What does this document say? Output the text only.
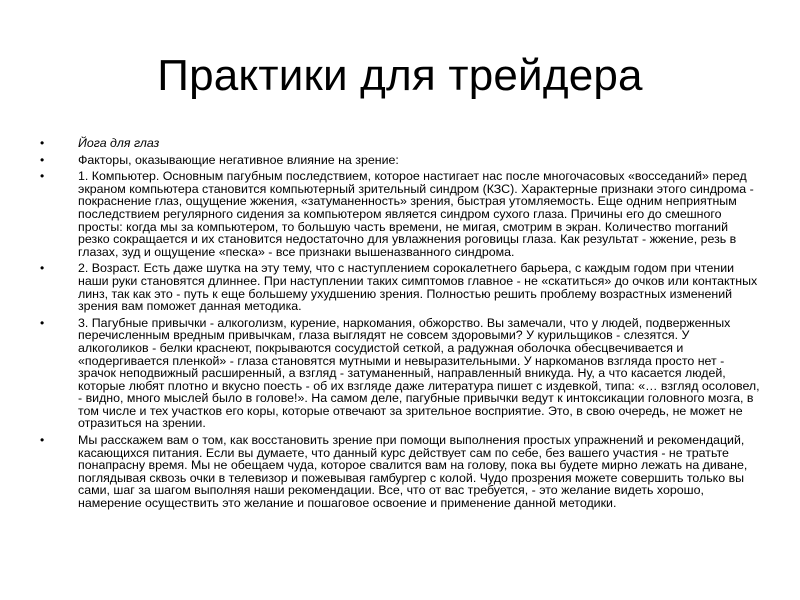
Практики для трейдера
•	Йога для глаз
•	Факторы, оказывающие негативное влияние на зрение:
•	1. Компьютер. Основным пагубным последствием, которое настигает нас после многочасовых «восседаний» перед экраном компьютера становится компьютерный зрительный синдром (КЗС). Характерные признаки этого синдрома - покраснение глаз, ощущение жжения, «затуманенность» зрения, быстрая утомляемость. Еще одним неприятным последствием регулярного сидения за компьютером является синдром сухого глаза. Причины его до смешного просты: когда мы за компьютером, то большую часть времени, не мигая, смотрим в экран. Количество morганий резко сокращается и их становится недостаточно для увлажнения роговицы глаза. Как результат - жжение, резь в глазах, зуд и ощущение «песка» - все признаки вышеназванного синдрома.
•	2. Возраст. Есть даже шутка на эту тему, что с наступлением сорокалетнего барьера, с каждым годом при чтении наши руки становятся длиннее. При наступлении таких симптомов главное - не «скатиться» до очков или контактных линз, так как это - путь к еще большему ухудшению зрения. Полностью решить проблему возрастных изменений зрения вам поможет данная методика.
•	3. Пагубные привычки - алкоголизм, курение, наркомания, обжорство. Вы замечали, что у людей, подверженных перечисленным вредным привычкам, глаза выглядят не совсем здоровыми? У курильщиков - слезятся. У алкоголиков - белки краснеют, покрываются сосудистой сеткой, а радужная оболочка обесцвечивается и «подергивается пленкой» - глаза становятся мутными и невыразительными. У наркоманов взгляда просто нет - зрачок неподвижный расширенный, а взгляд - затуманенный, направленный вникуда. Ну, а что касается людей, которые любят плотно и вкусно поесть - об их взгляде даже литература пишет с издевкой, типа: «… взгляд осоловел, - видно, много мыслей было в голове!». На самом деле, пагубные привычки ведут к интоксикации головного мозга, в том числе и тех участков его коры, которые отвечают за зрительное восприятие. Это, в свою очередь, не может не отразиться на зрении.
•	Мы расскажем вам о том, как восстановить зрение при помощи выполнения простых упражнений и рекомендаций, касающихся питания. Если вы думаете, что данный курс действует сам по себе, без вашего участия - не тратьте понапрасну время. Мы не обещаем чуда, которое свалится вам на голову, пока вы будете мирно лежать на диване, поглядывая сквозь очки в телевизор и пожевывая гамбургер с колой. Чудо прозрения можете совершить только вы сами, шаг за шагом выполняя наши рекомендации. Все, что от вас требуется, - это желание видеть хорошо, намерение осуществить это желание и пошаговое освоение и применение данной методики.
